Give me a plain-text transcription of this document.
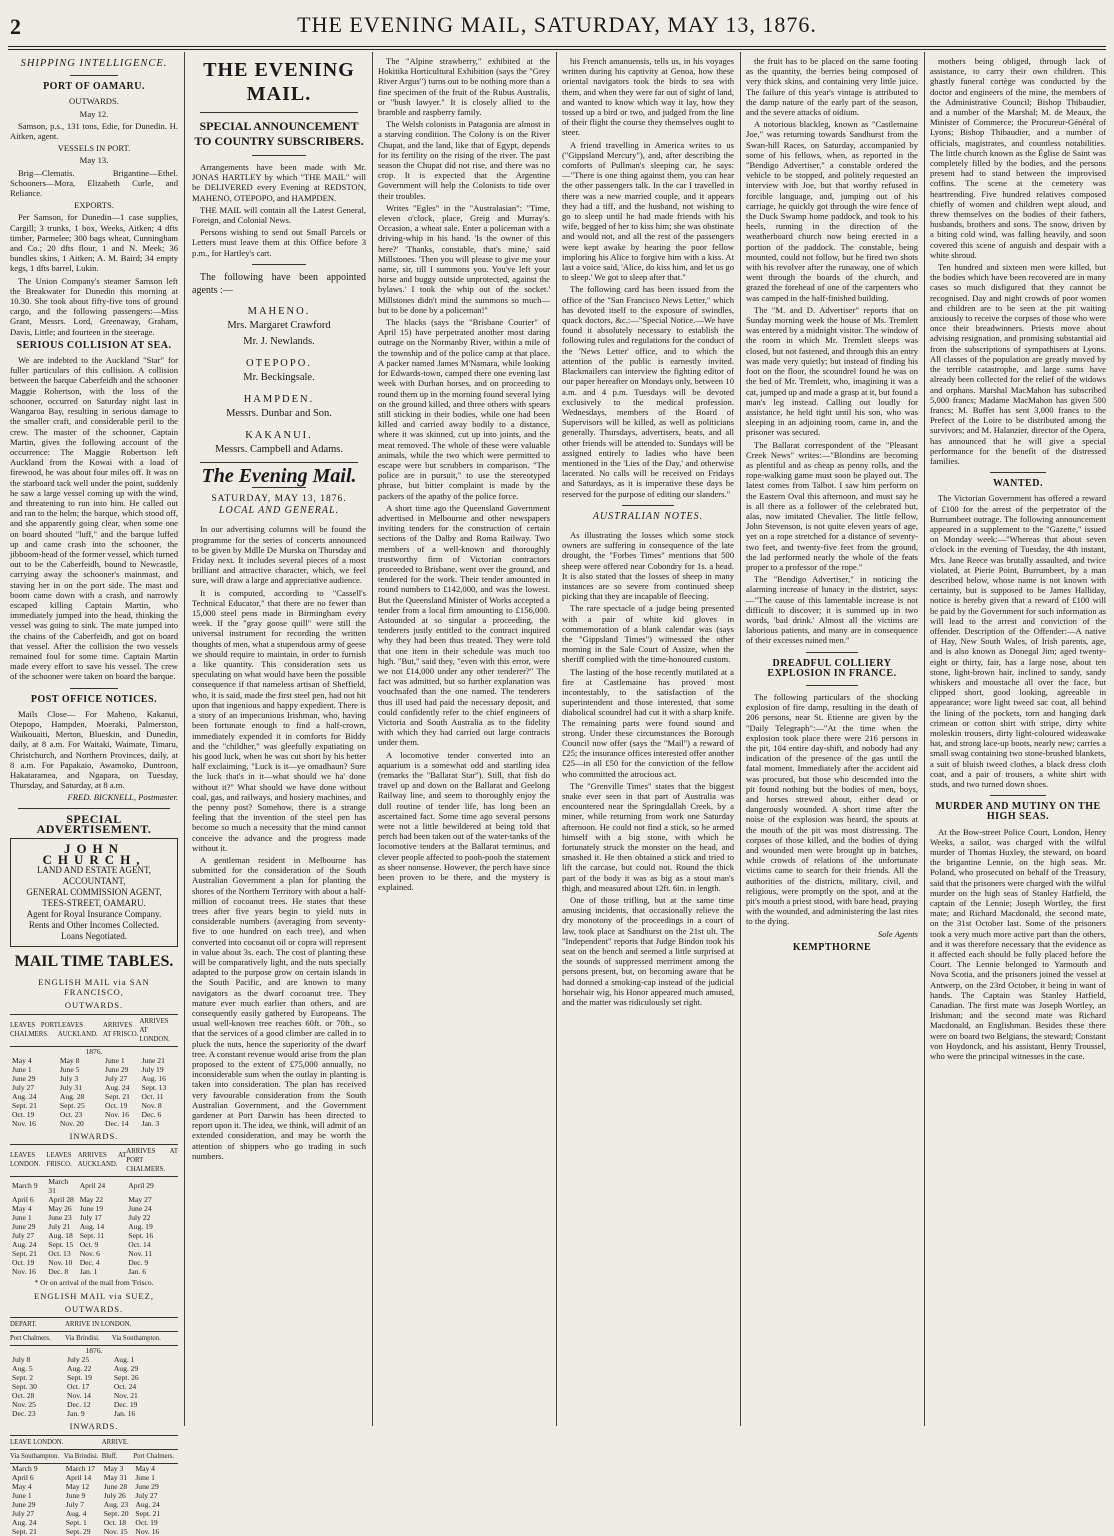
2	THE EVENING MAIL, SATURDAY, MAY 13, 1876.
SHIPPING INTELLIGENCE.
PORT OF OAMARU.
OUTWARDS.
May 12.

Samson, p.s., 131 tons, Edie, for Dunedin. H. Aitken, agent.

VESSELS IN PORT.
May 13.

Brig—Clematis. Brigantine—Ethel. Schooners—Mora, Elizabeth Curle, and Reliance.

EXPORTS.

Per Samson, for Dunedin—1 case supplies, Cargill; 3 trunks, 1 box, Weeks, Aitken; 4 dfts timber, Parmelee; 300 bags wheat, Cunningham and Co.; 20 dfts flour, 1 and N. Meek; 36 bundles skins, 1 Aitken; A. M. Baird; 34 empty kegs, 1 dfts barrel, Lukin.

The Union Company's steamer Samson left the Breakwater for Dunedin this morning at 10.30. She took about fifty-five tons of ground cargo, and the following passengers:—Miss Grant, Messrs. Lord, Greenaway, Graham, Davis, Little; and fourteen in the steerage.

SERIOUS COLLISION AT SEA.

We are indebted to the Auckland "Star" for fuller particulars of this collision. A collision between the barque Caberfeidh and the schooner Maggie Robertson, with the loss of the schooner, occurred on Saturday night last in Wangaroa Bay, resulting in serious damage to the smaller craft, and considerable peril to the crew. The master of the schooner, Captain Martin, gives the following account of the occurrence: The Maggie Robertson left Auckland from the Kowai with a load of firewood, he was about four miles off. It was on the starboard tack well under the point, suddenly he saw a large vessel coming up with the wind, and threatening to run into him. He called out and ran to the helm; the barque, which stood off, and she apparently going clear, when some one on board shouted "luff," and the barque luffed up and came crash into the schooner, the jibboom-head of the former vessel, which turned out to be the Caberfeidh, bound to Newcastle, carrying away the schooner's mainmast, and staving her in on the port side. The mast and boom came down with a crash, and narrowly escaped killing Captain Martin, who immediately jumped into the head, thinking the vessel was going to sink. The mate jumped into the chains of the Caberfeidh, and got on board that vessel. After the collision the two vessels remained foul for some time. Captain Martin made every effort to save his vessel. The crew of the schooner were taken on board the barque.

POST OFFICE NOTICES.

Mails Close— For Maheno, Kakanui, Otepopo, Hampden, Moeraki, Palmerston, Waikouaiti, Merton, Blueskin, and Dunedin, daily, at 8 a.m. For Waitaki, Waimate, Timaru, Christchurch, and Northern Provinces, daily, at 8 a.m. For Papakaio, Awamoko, Duntroon, Hakataramea, and Ngapara, on Tuesday, Thursday, and Saturday, at 8 a.m.

FRED. BICKNELL, Postmaster.
SPECIAL ADVERTISEMENT.
JOHN CHURCH,
LAND AND ESTATE AGENT,
ACCOUNTANT,
GENERAL COMMISSION AGENT,
TEES-STREET, OAMARU.
Agent for Royal Insurance Company. Rents and Other Incomes Collected.
Loans Negotiated.
MAIL TIME TABLES.
ENGLISH MAIL via SAN FRANCISCO,
OUTWARDS.
LEAVES PORT CHALMERS.	LEAVES AUCKLAND.	ARRIVES AT FRISCO.	ARRIVES AT LONDON.
1876.			
May 4	May 8	June 1	June 21
June 1	June 5	June 29	July 19
June 29	July 3	July 27	Aug. 16
July 27	July 31	Aug. 24	Sept. 13
Aug. 24	Aug. 28	Sept. 21	Oct. 11
Sept. 21	Sept. 25	Oct. 19	Nov. 8
Oct. 19	Oct. 23	Nov. 16	Dec. 6
Nov. 16	Nov. 20	Dec. 14	Jan. 3
INWARDS.
LEAVES LONDON.	LEAVES FRISCO.	ARRIVES AT AUCKLAND.	ARRIVES AT PORT CHALMERS.
March 9	March 31	April 24	April 29
April 6	April 28	May 22	May 27
May 4	May 26	June 19	June 24
June 1	June 23	July 17	July 22
June 29	July 21	Aug. 14	Aug. 19
July 27	Aug. 18	Sept. 11	Sept. 16
Aug. 24	Sept. 15	Oct. 9	Oct. 14
Sept. 21	Oct. 13	Nov. 6	Nov. 11
Oct. 19	Nov. 10	Dec. 4	Dec. 9
Nov. 16	Dec. 8	Jan. 1	Jan. 6
* Or on arrival of the mail from 'Frisco.
ENGLISH MAIL via SUEZ,
OUTWARDS.
DEPART.	ARRIVE IN LONDON.	
Port Chalmers.	Via Brindisi.	Via Southampton.
1876.		
July 8	July 25	Aug. 1
Aug. 5	Aug. 22	Aug. 29
Sept. 2	Sept. 19	Sept. 26
Sept. 30	Oct. 17	Oct. 24
Oct. 28	Nov. 14	Nov. 21
Nov. 25	Dec. 12	Dec. 19
Dec. 23	Jan. 9	Jan. 16
INWARDS.
LEAVE LONDON.		ARRIVE.	
Via Southampton.	Via Brindisi.	Bluff.	Port Chalmers.
March 9	March 17	May 3	May 4
April 6	April 14	May 31	June 1
May 4	May 12	June 28	June 29
June 1	June 9	July 26	July 27
June 29	July 7	Aug. 23	Aug. 24
July 27	Aug. 4	Sept. 20	Sept. 21
Aug. 24	Sept. 1	Oct. 18	Oct. 19
Sept. 21	Sept. 29	Nov. 15	Nov. 16
THE EVENING MAIL.
SPECIAL ANNOUNCEMENT TO COUNTRY SUBSCRIBERS.

Arrangements have been made with Mr. JONAS HARTLEY by which "THE MAIL" will be DELIVERED every Evening at REDSTON, MAHENO, OTEPOPO, and HAMPDEN.

THE MAIL will contain all the Latest General, Foreign, and Colonial News.

Persons wishing to send out Small Parcels or Letters must leave them at this Office before 3 p.m., for Hartley's cart.

The following have been appointed agents :—

MAHENO.
Mrs. Margaret Crawford
Mr. J. Newlands.
OTEPOPO.
Mr. Beckingsale.
HAMPDEN.
Messrs. Dunbar and Son.
KAKANUI.
Messrs. Campbell and Adams.
The Evening Mail.
SATURDAY, MAY 13, 1876.
LOCAL AND GENERAL.

In our advertising columns will be found the programme for the series of concerts announced to be given by Mdlle De Murska on Thursday and Friday next. It includes several pieces of a most brilliant and attractive character, which, we feel sure, will draw a large and appreciative audience.

It is computed, according to "Cassell's Technical Educator," that there are no fewer than 15,000 steel pens made in Birmingham every week. If the "gray goose quill" were still the universal instrument for recording the written thoughts of men, what a stupendous army of geese we should require to maintain, in order to furnish a like quantity. This consideration sets us speculating on what would have been the possible consequence if that nameless artisan of Sheffield, who, it is said, made the first steel pen, had not hit upon that ingenious and happy expedient. There is a story of an impecunious Irishman, who, having been fortunate enough to find a half-crown, immediately expended it in comforts for Biddy and the "childher," was gleefully expatiating on his good luck, when he was cut short by his better half exclaiming, "Luck is it—ye omadhaun? Sure the luck that's in it—what should we ha' done without it?" What should we have done without coal, gas, and railways, and hosiery machines, and the penny post? Somehow, there is a strange feeling that the invention of the steel pen has become so much a necessity that the mind cannot conceive the advance and the progress made without it.

A gentleman resident in Melbourne has submitted for the consideration of the South Australian Government a plan for planting the shores of the Northern Territory with about a half-million of cocoanut trees. He states that these trees after five years begin to yield nuts in considerable numbers (averaging from seventy-five to one hundred on each tree), and when converted into cocoanut oil or copra will represent in value about 3s. each. The cost of planting these will be comparatively light, and the nuts specially adapted to the purpose grow on certain islands in the South Pacific, and are known to many navigators as the dwarf cocoanut tree. They mature ever much earlier than others, and are consequently easily gathered by Europeans. The usual well-known tree reaches 60ft. or 70ft., so that the services of a good climber are called in to pluck the nuts, hence the superiority of the dwarf tree. A constant revenue would arise from the plan proposed to the extent of £75,000 annually, no inconsiderable sum when the outlay in planting is taken into consideration. The plan has received very favourable consideration from the South Australian Government, and the Government gardener at Port Darwin has been directed to report upon it. The idea, we think, will admit of an extended consideration, and may be worth the attention of shippers who go trading in such numbers.

The "Alpine strawberry," exhibited at the Hokitika Horticultural Exhibition (says the "Grey River Argus") turns out to be nothing more than a fine specimen of the fruit of the Rubus Australis, or "bush lawyer." It is closely allied to the bramble and raspberry family.

The Welsh colonists in Patagonia are almost in a starving condition. The Colony is on the River Chupat, and the land, like that of Egypt, depends for its fertility on the rising of the river. The past season the Chupat did not rise, and there was no crop. It is expected that the Argentine Government will help the Colonists to tide over their troubles.

Writes "Egles" in the "Australasian": "Time, eleven o'clock, place, Greig and Murray's. Occasion, a wheat sale. Enter a policeman with a driving-whip in his hand. 'Is the owner of this here?' 'Thanks, constable, that's mine,' said Millstones. 'Then you will please to give me your name, sir, till I summons you. You've left your horse and buggy outside unprotected, against the bylaws.' I took the whip out of the socket.' Millstones didn't mind the summons so much—but to be done by a policeman!"

The blacks (says the "Brisbane Courier" of April 15) have perpetrated another most daring outrage on the Normanby River, within a mile of the township and of the police camp at that place. A packer named James M'Namara, while looking for Edwards-town, camped there one evening last week with Durban horses, and on proceeding to round them up in the morning found several lying on the ground killed, and three others with spears still sticking in their bodies, while one had been killed and carried away bodily to a distance, where it was skinned, cut up into joints, and the meat removed. The whole of these were valuable animals, while the two which were permitted to escape were but scrubbers in comparison. "The police are in pursuit," to use the stereotyped phrase, but bitter complaint is made by the packers of the apathy of the police force.

A short time ago the Queensland Government advertised in Melbourne and other newspapers inviting tenders for the construction of certain sections of the Dalby and Roma Railway. Two members of a well-known and thoroughly trustworthy firm of Victorian contractors proceeded to Brisbane, went over the ground, and tendered for the work. Their tender amounted in round numbers to £142,000, and was the lowest. But the Queensland Minister of Works accepted a tender from a local firm amounting to £156,000. Astounded at so singular a proceeding, the tenderers justly entitled to the contract inquired why they had been thus treated. They were told that one item in their schedule was much too high. "But," said they, "even with this error, were we not £14,000 under any other tenderer?" The fact was admitted, but so further explanation was vouchsafed than the one named. The tenderers thus ill used had paid the necessary deposit, and could confidently refer to the chief engineers of Victoria and South Australia as to the fidelity with which they had carried out large contracts under them.

A locomotive tender converted into an aquarium is a somewhat odd and startling idea (remarks the "Ballarat Star"). Still, that fish do travel up and down on the Ballarat and Geelong Railway line, and seem to thoroughly enjoy the dull routine of tender life, has long been an ascertained fact. Some time ago several persons were not a little bewildered at being told that perch had been taken out of the water-tanks of the locomotive tenders at the Ballarat terminus, and clever people affected to pooh-pooh the statement as sheer nonsense. However, the perch have since been proven to be there, and the mystery is explained.

his French amanuensis, tells us, in his voyages written during his captivity at Genoa, how these oriental navigators took the birds to sea with them, and when they were far out of sight of land, and wanted to know which way it lay, how they tossed up a bird or two, and judged from the line of their flight the course they themselves ought to steer.

A friend travelling in America writes to us ("Gippsland Mercury"), and, after describing the comforts of Pullman's sleeping car, he says:—"There is one thing against them, you can hear the other passengers talk. In the car I travelled in there was a new married couple, and it appears they had a tiff, and the husband, not wishing to go to sleep until he had made friends with his wife, begged of her to kiss him; she was obstinate and would not, and all the rest of the passengers were kept awake by hearing the poor fellow imploring his Alice to forgive him with a kiss. At last a voice said, 'Alice, do kiss him, and let us go to sleep.' We got to sleep after that."

The following card has been issued from the office of the "San Francisco News Letter," which has devoted itself to the exposure of swindles, quack doctors, &c.:—"Special Notice.—We have found it absolutely necessary to establish the following rules and regulations for the conduct of the 'News Letter' office, and to which the attention of the public is earnestly invited. Blackmailers can interview the fighting editor of our paper hereafter on Mondays only, between 10 a.m. and 4 p.m. Tuesdays will be devoted exclusively to the medical profession. Wednesdays, members of the Board of Supervisors will be killed, as well as politicians generally. Thursdays, advertisers, beats, and all other friends will be attended to. Sundays will be assigned entirely to ladies who have been mentioned in the 'Lies of the Day,' and otherwise lacerated. No calls will be received on Fridays and Saturdays, as it is imperative these days be reserved for the purpose of editing our slanders."

AUSTRALIAN NOTES.

As illustrating the losses which some stock owners are suffering in consequence of the late drought, the "Forbes Times" mentions that 500 sheep were offered near Cobondry for 1s. a head. It is also stated that the losses of sheep in many instances are so severe from continued sheep picking that they are incapable of fleecing.

The rare spectacle of a judge being presented with a pair of white kid gloves in commemoration of a blank calendar was (says the "Gippsland Times") witnessed the other morning in the Sale Court of Assize, when the sheriff complied with the time-honoured custom.

The lasting of the hose recently mutilated at a fire at Castlemaine has proved most incontestably, to the satisfaction of the superintendent and those interested, that some diabolical scoundrel had cut it with a sharp knife. The remaining parts were found sound and strong. Under these circumstances the Borough Council now offer (says the "Mail") a reward of £25; the insurance offices interested offer another £25—in all £50 for the conviction of the fellow who committed the atrocious act.

The "Grenville Times" states that the biggest snake ever seen in that part of Australia was encountered near the Springdallah Creek, by a miner, while returning from work one Saturday afternoon. He could not find a stick, so he armed himself with a big stone, with which he fortunately struck the monster on the head, and smashed it. He then obtained a stick and tried to lift the carcase, but could not. Round the thick part of the body it was as big as a stout man's thigh, and measured about 12ft. 6in. in length.

One of those trifling, but at the same time amusing incidents, that occasionally relieve the dry monotony of the proceedings in a court of law, took place at Sandhurst on the 21st ult. The "Independent" reports that Judge Bindon took his seat on the bench and seemed a little surprised at the sounds of suppressed merriment among the persons present, but, on becoming aware that he had donned a smoking-cap instead of the judicial horsehair wig, his Honor appeared much amused, and the matter was ridiculously set right.

the fruit has to be placed on the same footing as the quantity, the berries being composed of very thick skins, and containing very little juice. The failure of this year's vintage is attributed to the damp nature of the early part of the season, and the severe attacks of oidium.

A notorious blackleg, known as "Castlemaine Joe," was returning towards Sandhurst from the Swan-hill Races, on Saturday, accompanied by some of his fellows, when, as reported in the "Bendigo Advertiser," a constable ordered the vehicle to be stopped, and politely requested an interview with Joe, but that worthy refused in forcible language, and, jumping out of his carriage, he quickly got through the wire fence of the Duck Swamp home paddock, and took to his heels, running in the direction of the weatherboard church now being erected in a portion of the paddock. The constable, being mounted, could not follow, but he fired two shots with his revolver after the runaway, one of which went through the boards of the church, and grazed the forehead of one of the carpenters who was camped in the half-finished building.

The "M. and D. Advertiser" reports that on Sunday morning week the house of Ms. Tremlett was entered by a midnight visitor. The window of the room in which Mr. Tremlett sleeps was closed, but not fastened, and through this an entry was made very quietly; but instead of finding his foot on the floor, the scoundrel found he was on the bed of Mr. Tremlett, who, imagining it was a cat, jumped up and made a grasp at it, but found a man's leg instead. Calling out loudly for assistance, he held tight until his son, who was sleeping in an adjoining room, came in, and the prisoner was secured.

The Ballarat correspondent of the "Pleasant Creek News" writes:—"Blondins are becoming as plentiful and as cheap as penny rolls, and the rope-walking game must soon be played out. The latest comes from Talbot. I saw him perform on the Eastern Oval this afternoon, and must say he is all there as a follower of the celebrated but, alas, now imitated Chevalier. The little fellow, John Stevenson, is not quite eleven years of age, yet on a rope stretched for a distance of seventy-two feet, and twenty-five feet from the ground, the lad performed nearly the whole of the feats proper to a professor of the rope."

The "Bendigo Advertiser," in noticing the alarming increase of lunacy in the district, says:—"The cause of this lamentable increase is not difficult to discover; it is summed up in two words, 'bad drink.' Almost all the victims are laborious patients, and many are in consequence of their excesses ruined men."

DREADFUL COLLIERY EXPLOSION IN FRANCE.

The following particulars of the shocking explosion of fire damp, resulting in the death of 206 persons, near St. Etienne are given by the "Daily Telegraph":—"At the time when the explosion took place there were 216 persons in the pit, 104 entire day-shift, and nobody had any indication of the presence of the gas until the fatal moment. Immediately after the accident aid was procured, but those who descended into the pit found nothing but the bodies of men, boys, and horses strewed about, either dead or dangerously wounded. A short time after the noise of the explosion was heard, the spouts at the mouth of the pit was most distressing. The corpses of those killed, and the bodies of dying and wounded men were brought up in batches, while crowds of relations of the unfortunate victims came to search for their friends. All the authorities of the districts, military, civil, and religious, were promptly on the spot, and at the pit's mouth a priest stood, with bare head, praying with the wounded, and administering the last rites to the dying.

Sole Agents
KEMPTHORNE

mothers being obliged, through lack of assistance, to carry their own children. This ghastly funeral cortège was conducted by the doctor and engineers of the mine, the members of the Administrative Council; Bishop Thibaudier, and a number of the Marshal; M. de Meaux, the Minister of Commerce; the Procureur-Général of Lyons; Bishop Thibaudier, and a number of officials, magistrates, and countless notabilities. The little church known as the Église de Saint was completely filled by the bodies, and the persons present had to stand between the improvised coffins. The scene at the cemetery was heartrending. Five hundred relatives composed chiefly of women and children wept aloud, and threw themselves on the bodies of their fathers, husbands, brothers and sons. The snow, driven by a biting cold wind, was falling heavily, and soon covered this scene of anguish and despair with a white shroud.

Ten hundred and sixteen men were killed, but the bodies which have been recovered are in many cases so much disfigured that they cannot be recognised. Day and night crowds of poor women and children are to be seen at the pit waiting anxiously to receive the corpses of those who were once their breadwinners. Priests move about advising resignation, and promising substantial aid from the subscriptions of sympathisers at Lyons. All classes of the population are greatly moved by the terrible catastrophe, and large sums have already been collected for the relief of the widows and orphans. Marshal MacMahon has subscribed 5,000 francs; Madame MacMahon has given 500 francs; M. Buffet has sent 3,000 francs to the Prefect of the Loire to be distributed among the survivors; and M. Halanzier, director of the Opera, has announced that he will give a special performance for the benefit of the distressed families.

WANTED.

The Victorian Government has offered a reward of £100 for the arrest of the perpetrator of the Burrumbeet outrage. The following announcement appeared in a supplement to the "Gazette," issued on Monday week:—"Whereas that about seven o'clock in the evening of Tuesday, the 4th instant, Mrs. Jane Reece was brutally assaulted, and twice violated, at Pierie Point, Burrumbeet, by a man described below, whose name is not known with certainty, but is supposed to be James Halliday, notice is hereby given that a reward of £100 will be paid by the Government for such information as will lead to the arrest and conviction of the offender. Description of the Offender:—A native of Hay, New South Wales, of Irish parents, age, and is also known as Donegal Jim; aged twenty-eight or thirty, fair, has a large nose, about ten stone, light-brown hair, inclined to sandy, sandy whiskers and moustache all over the face, but clipped short, good looking, agreeable in appearance; wore light tweed sac coat, all behind the lining of the pockets, torn and hanging dark crimean or cotton shirt with stripe, dirty white moleskin trousers, dirty light-coloured wideawake hat, and strong lace-up boots, nearly new; carries a small swag containing two stone-brushed blankets, a suit of bluish tweed clothes, a black dress cloth coat, and a pair of trousers, a white shirt with studs, and two turned down shoes.

MURDER AND MUTINY ON THE HIGH SEAS.

At the Bow-street Police Court, London, Henry Weeks, a sailor, was charged with the wilful murder of Thomas Huxley, the steward, on board the brigantine Lennie, on the high seas. Mr. Poland, who prosecuted on behalf of the Treasury, said that the prisoners were charged with the wilful murder on the high seas of Stanley Hatfield, the captain of the Lennie; Joseph Wortley, the first mate; and Richard Macdonald, the second mate, on the 31st October last. Some of the prisoners took a very much more active part than the others, and it was therefore necessary that the evidence as it affected each should be fully placed before the Court. The Lennie belonged to Yarmouth and Nova Scotia, and the prisoners joined the vessel at Antwerp, on the 23rd October, it being in want of hands. The Captain was Stanley Hatfield, Canadian. The first mate was Joseph Wortley, an Irishman; and the second mate was Richard Macdonald, an Englishman. Besides these there were on board two Belgians, the steward; Constant von Hoydonck, and his assistant, Henry Troussel, who were the principal witnesses in the case.
